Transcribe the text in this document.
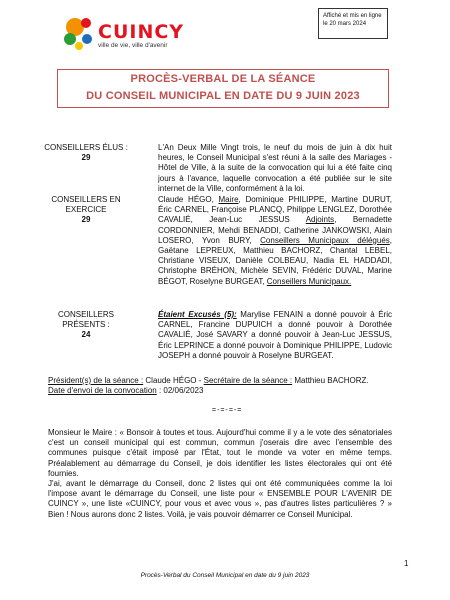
CUINCY
ville de vie, ville d'avenir
Affiché et mis en ligne
le 20 mars 2024
PROCÈS-VERBAL DE LA SÉANCE
DU CONSEIL MUNICIPAL EN DATE DU 9 JUIN 2023
CONSEILLERS ÉLUS :
29
L'An Deux Mille Vingt trois, le neuf du mois de juin à dix huit heures, le Conseil Municipal s'est réuni à la salle des Mariages - Hôtel de Ville, à la suite de la convocation qui lui a été faite cinq jours à l'avance, laquelle convocation a été publiée sur le site internet de la Ville, conformément à la loi.
CONSEILLERS EN
EXERCICE
29
Claude HÉGO, Maire, Dominique PHILIPPE, Martine DURUT, Éric CARNEL, Françoise PLANCQ, Philippe LENGLEZ, Dorothée CAVALIÉ, Jean-Luc JESSUS Adjoints, Bernadette CORDONNIER, Mehdi BENADDI, Catherine JANKOWSKI, Alain LOSERO, Yvon BURY, Conseillers Municipaux délégués, Gaëtane LEPREUX, Matthieu BACHORZ, Chantal LEBEL, Christiane VISEUX, Danièle COLBEAU, Nadia EL HADDADI, Christophe BRÉHON, Michèle SEVIN, Frédéric DUVAL, Marine BÉGOT, Roselyne BURGEAT, Conseillers Municipaux.
CONSEILLERS
PRÉSENTS :
24
Étaient Excusés (5): Marylise FENAIN a donné pouvoir à Éric CARNEL, Francine DUPUICH a donné pouvoir à Dorothée CAVALIÉ, José SAVARY a donné pouvoir à Jean-Luc JESSUS, Éric LEPRINCE a donné pouvoir à Dominique PHILIPPE, Ludovic JOSEPH a donné pouvoir à Roselyne BURGEAT.
Président(s) de la séance : Claude HÉGO - Secrétaire de la séance : Matthieu BACHORZ.
Date d'envoi de la convocation : 02/06/2023
=-=-=-=
Monsieur le Maire : « Bonsoir à toutes et tous. Aujourd'hui comme il y a le vote des sénatoriales c'est un conseil municipal qui est commun, commun j'oserais dire avec l'ensemble des communes puisque c'était imposé par l'État, tout le monde va voter en même temps. Préalablement au démarrage du Conseil, je dois identifier les listes électorales qui ont été fournies.
J'ai, avant le démarrage du Conseil, donc 2 listes qui ont été communiquées comme la loi l'impose avant le démarrage du Conseil, une liste pour « ENSEMBLE POUR L'AVENIR DE CUINCY », une liste «CUINCY, pour vous et avec vous », pas d'autres listes particulières ? » Bien ! Nous aurons donc 2 listes. Voilà, je vais pouvoir démarrer ce Conseil Municipal.
1
Procès-Verbal du Conseil Municipal en date du 9 juin 2023
